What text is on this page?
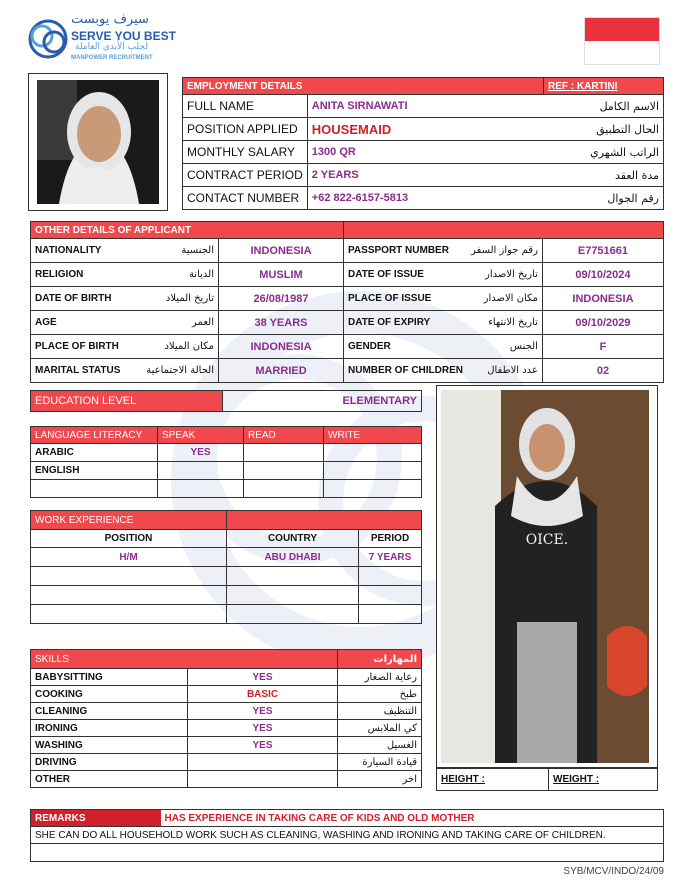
سيرف يوبست
SERVE YOU BEST
لجلب الأيدي العاملة
MANPOWER RECRUITMENT
EMPLOYMENT DETAILS		REF : KARTINI
FULL NAME	ANITA SIRNAWATI	الاسم الكامل
POSITION APPLIED	HOUSEMAID	الحال التطبيق
MONTHLY SALARY	1300 QR	الراتب الشهري
CONTRACT PERIOD	2 YEARS	مدة العقد
CONTACT NUMBER	+62 822-6157-5813	رقم الجوال
OTHER DETAILS OF APPLICANT					
NATIONALITY	الجنسية	INDONESIA	PASSPORT NUMBER	رقم جواز السفر	E7751661
RELIGION	الديانة	MUSLIM	DATE OF ISSUE	تاريخ الاصدار	09/10/2024
DATE OF BIRTH	تاريخ الميلاد	26/08/1987	PLACE OF ISSUE	مكان الاصدار	INDONESIA
AGE	العمر	38 YEARS	DATE OF EXPIRY	تاريخ الانتهاء	09/10/2029
PLACE OF BIRTH	مكان الميلاد	INDONESIA	GENDER	الجنس	F
MARITAL STATUS	الحالة الاجتماعية	MARRIED	NUMBER OF CHILDREN	عدد الاطفال	02
EDUCATION LEVEL	ELEMENTARY
LANGUAGE LITERACY	SPEAK	READ	WRITE
ARABIC	YES		
ENGLISH			

WORK EXPERIENCE		
POSITION	COUNTRY	PERIOD
H/M	ABU DHABI	7 YEARS

SKILLS		المهارات
BABYSITTING	YES	رعاية الصغار
COOKING	BASIC	طبخ
CLEANING	YES	التنظيف
IRONING	YES	كي الملابس
WASHING	YES	الغسيل
DRIVING		قيادة السيارة
OTHER		اخر
OICE.
HEIGHT :	WEIGHT :
REMARKS	HAS EXPERIENCE IN TAKING CARE OF KIDS AND OLD MOTHER
SHE CAN DO ALL HOUSEHOLD WORK SUCH AS CLEANING, WASHING AND IRONING AND TAKING CARE OF CHILDREN.

SYB/MCV/INDO/24/09
